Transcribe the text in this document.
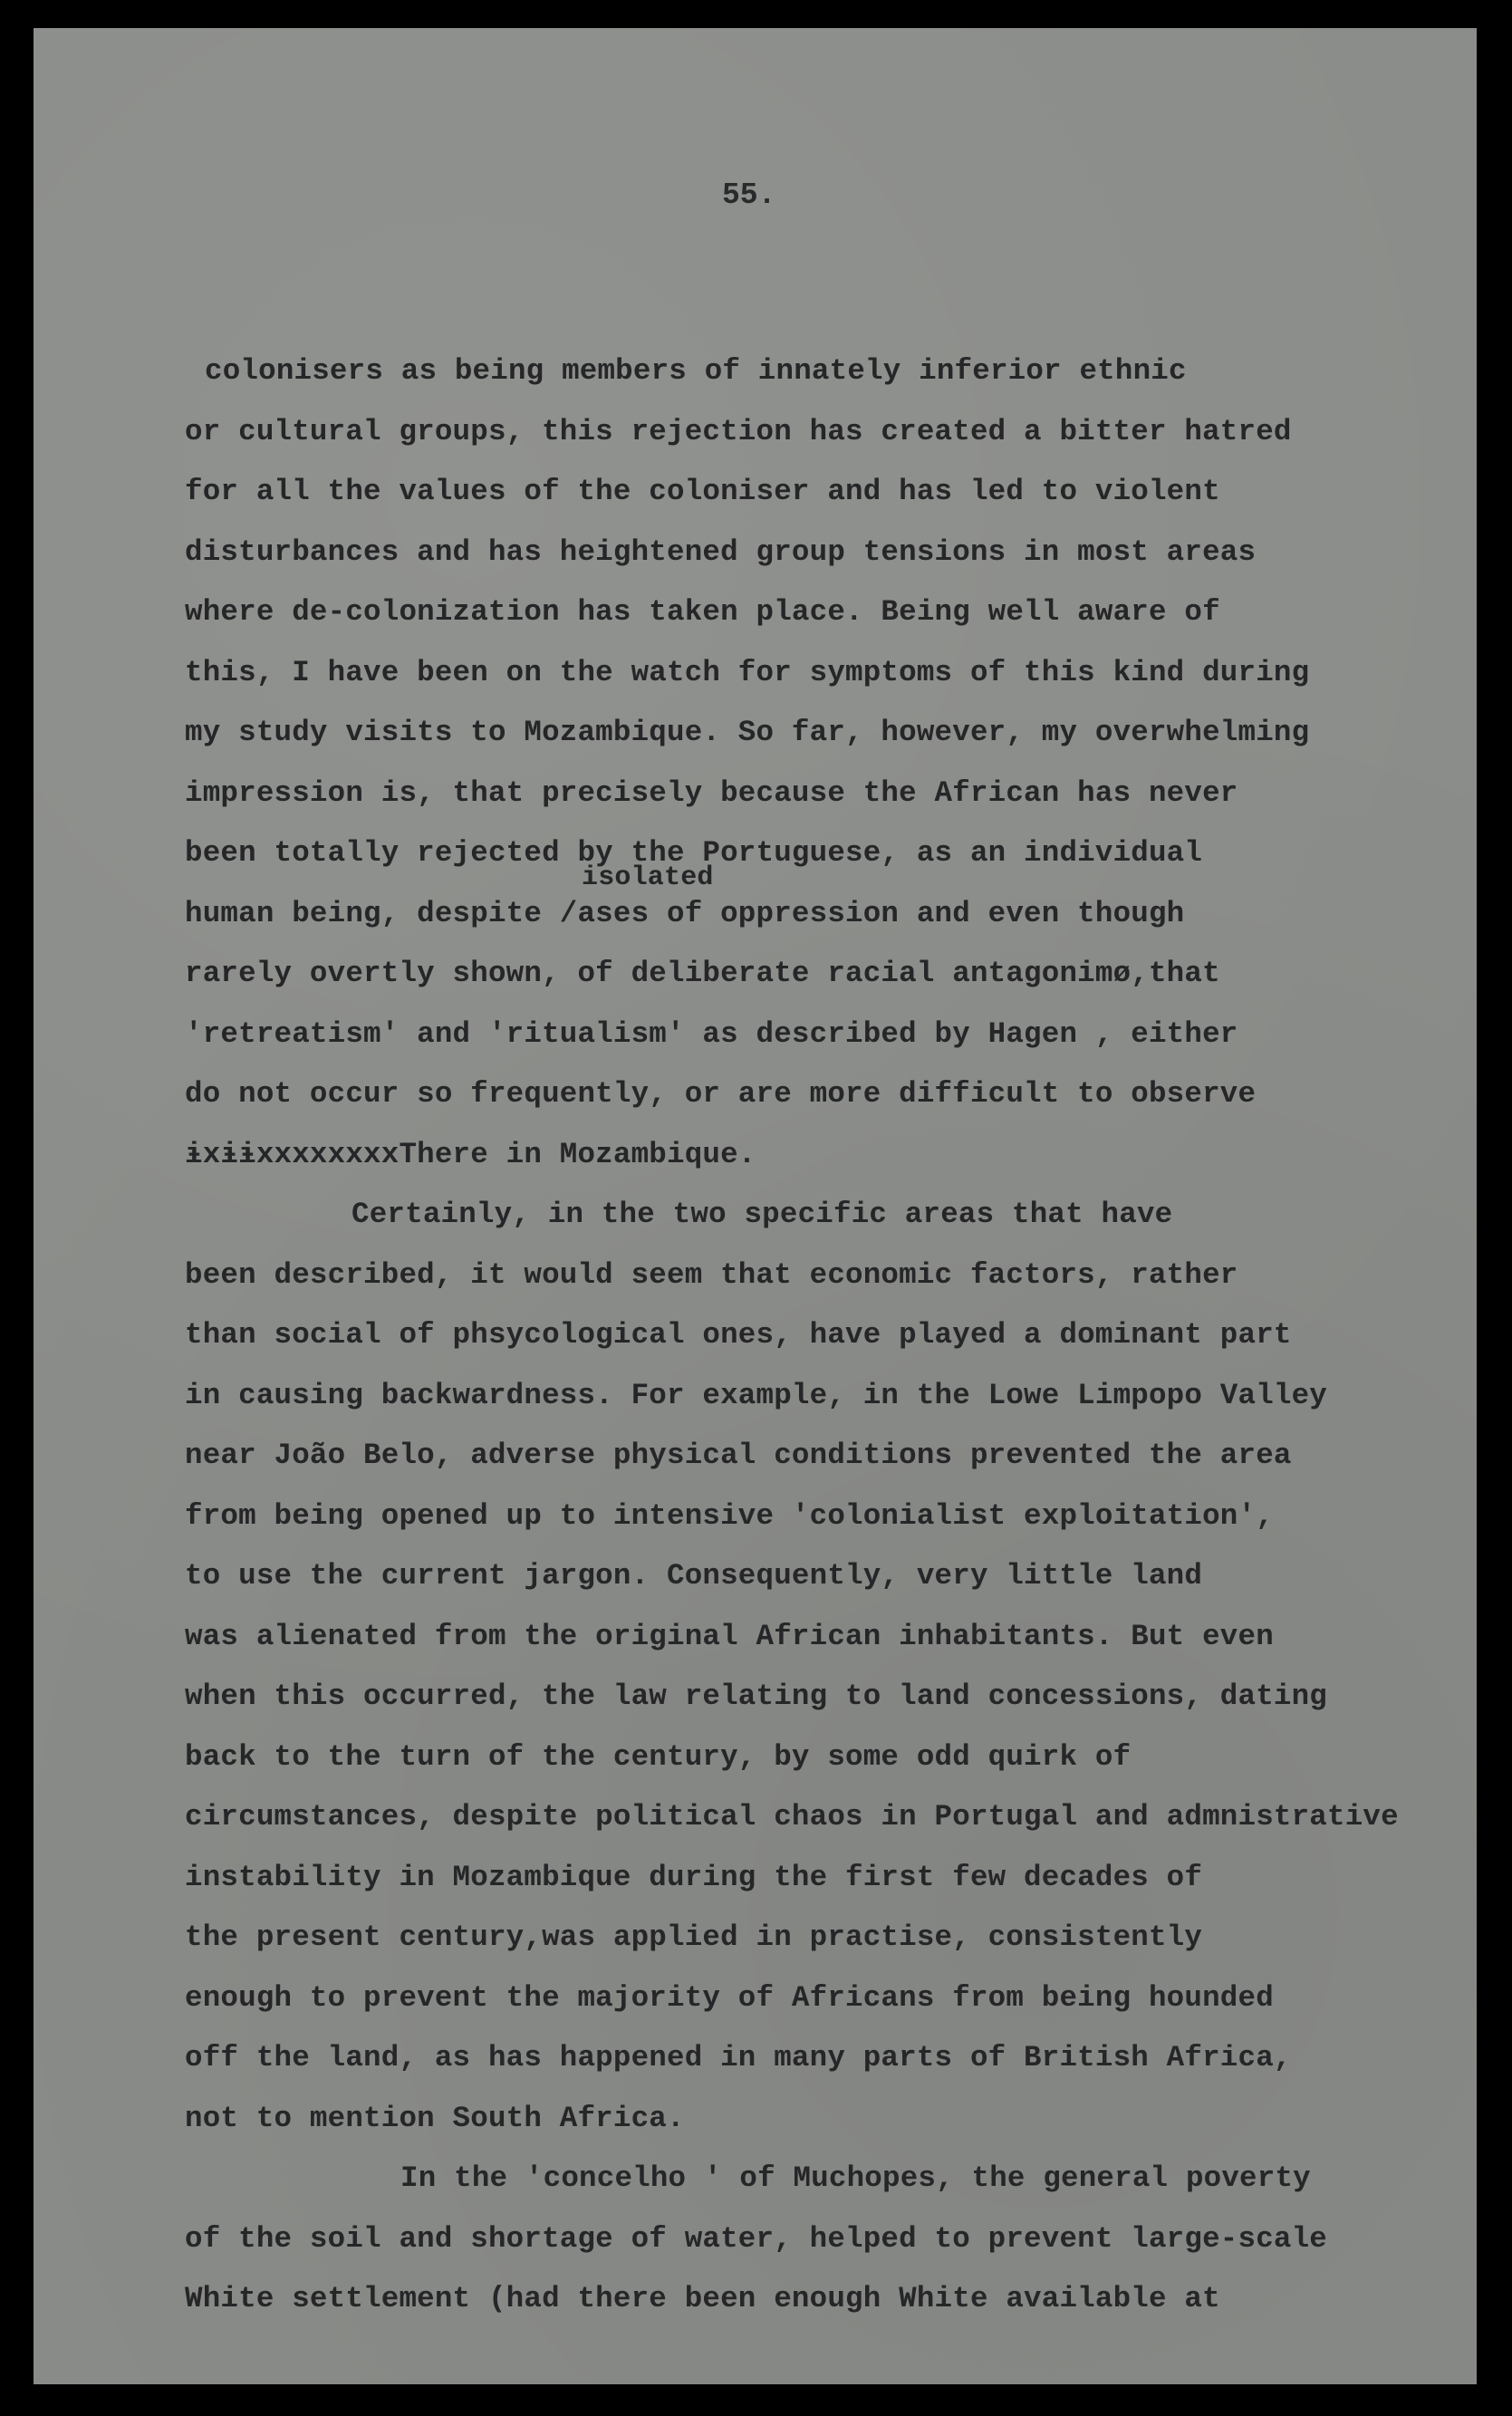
55.
isolated
colonisers as being members of innately inferior ethnic
or cultural groups, this rejection has created a bitter hatred
for all the values of the coloniser and has led to violent
disturbances and has heightened group tensions in most areas
where de-colonization has taken place. Being well aware of
this, I have been on the watch for symptoms of this kind during
my study visits to Mozambique. So far, however, my overwhelming
impression is, that precisely because the African has never
been totally rejected by the Portuguese, as an individual
human being, despite /ases of oppression and even though
rarely overtly shown, of deliberate racial antagonimø,that
'retreatism' and 'ritualism' as described by Hagen , either
do not occur so frequently, or are more difficult to observe
ɨxɨɨxxxxxxxxThere in Mozambique.
Certainly, in the two specific areas that have
been described, it would seem that economic factors, rather
than social of phsycological ones, have played a dominant part
in causing backwardness. For example, in the Lowe Limpopo Valley
near João Belo, adverse physical conditions prevented the area
from being opened up to intensive 'colonialist exploitation',
to use the current jargon. Consequently, very little land
was alienated from the original African inhabitants. But even
when this occurred, the law relating to land concessions, dating
back to the turn of the century, by some odd quirk of
circumstances, despite political chaos in Portugal and admnistrative
instability in Mozambique during the first few decades of
the present century,was applied in practise, consistently
enough to prevent the majority of Africans from being hounded
off the land, as has happened in many parts of British Africa,
not to mention South Africa.
In the 'concelho ' of Muchopes, the general poverty
of the soil and shortage of water, helped to prevent large-scale
White settlement (had there been enough White available at
